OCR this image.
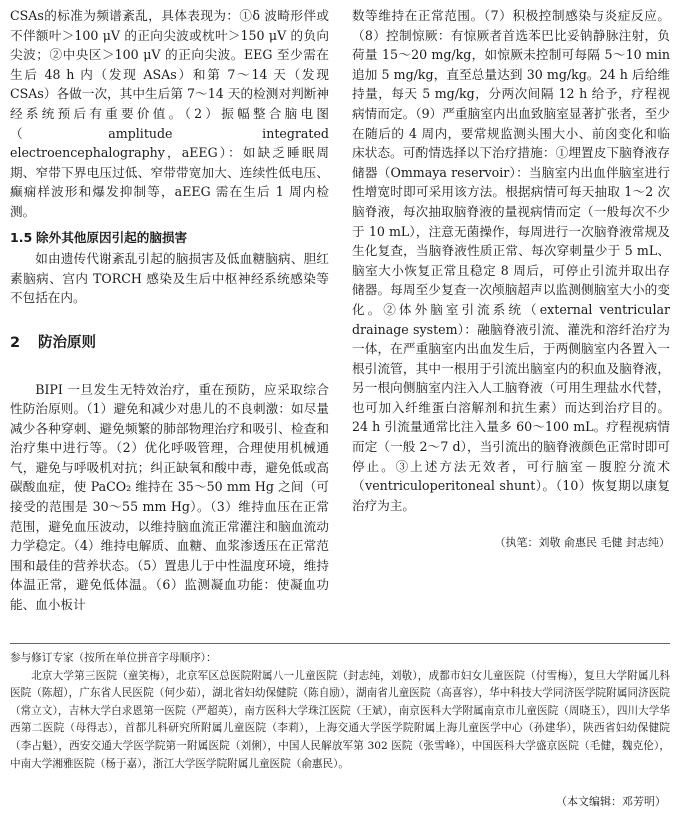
CSAs的标准为频谱紊乱，具体表现为：①δ 波畸形伴或不伴额叶＞100 μV 的正向尖波或枕叶＞150 μV 的负向尖波；②中央区＞100 μV 的正向尖波。EEG 至少需在生后 48 h 内（发现 ASAs）和第 7～14 天（发现 CSAs）各做一次，其中生后第 7～14 天的检测对判断神经系统预后有重要价值。（2）振幅整合脑电图（amplitude integrated electroencephalography，aEEG）：如缺乏睡眠周期、窄带下界电压过低、窄带带宽加大、连续性低电压、癫痫样波形和爆发抑制等，aEEG 需在生后 1 周内检测。

1.5 除外其他原因引起的脑损害

如由遗传代谢紊乱引起的脑损害及低血糖脑病、胆红素脑病、宫内 TORCH 感染及生后中枢神经系统感染等不包括在内。

2 防治原则

BIPI 一旦发生无特效治疗，重在预防，应采取综合性防治原则。（1）避免和减少对患儿的不良刺激：如尽量减少各种穿刺、避免频繁的肺部物理治疗和吸引、检查和治疗集中进行等。（2）优化呼吸管理，合理使用机械通气，避免与呼吸机对抗；纠正缺氧和酸中毒，避免低或高碳酸血症，使 PaCO₂ 维持在 35～50 mm Hg 之间（可接受的范围是 30～55 mm Hg）。（3）维持血压在正常范围，避免血压波动，以维持脑血流正常灌注和脑血流动力学稳定。（4）维持电解质、血糖、血浆渗透压在正常范围和最佳的营养状态。（5）置患儿于中性温度环境，维持体温正常，避免低体温。（6）监测凝血功能：使凝血功能、血小板计

数等维持在正常范围。（7）积极控制感染与炎症反应。（8）控制惊厥：有惊厥者首选苯巴比妥钠静脉注射，负荷量 15～20 mg/kg，如惊厥未控制可每隔 5～10 min 追加 5 mg/kg，直至总量达到 30 mg/kg。24 h 后给维持量，每天 5 mg/kg，分两次间隔 12 h 给予，疗程视病情而定。（9）严重脑室内出血致脑室显著扩张者，至少在随后的 4 周内，要常规监测头围大小、前囟变化和临床状态。可酌情选择以下治疗措施：①埋置皮下脑脊液存储器（Ommaya reservoir）：当脑室内出血伴脑室进行性增宽时即可采用该方法。根据病情可每天抽取 1～2 次脑脊液，每次抽取脑脊液的量视病情而定（一般每次不少于 10 mL），注意无菌操作，每周进行一次脑脊液常规及生化复查，当脑脊液性质正常、每次穿刺量少于 5 mL、脑室大小恢复正常且稳定 8 周后，可停止引流并取出存储器。每周至少复查一次颅脑超声以监测侧脑室大小的变化。②体外脑室引流系统（external ventricular drainage system）：融脑脊液引流、灌洗和溶纤治疗为一体，在严重脑室内出血发生后，于两侧脑室内各置入一根引流管，其中一根用于引流出脑室内的积血及脑脊液，另一根向侧脑室内注入人工脑脊液（可用生理盐水代替，也可加入纤维蛋白溶解剂和抗生素）而达到治疗目的。24 h 引流量通常比注入量多 60～100 mL。疗程视病情而定（一般 2～7 d），当引流出的脑脊液颜色正常时即可停止。③上述方法无效者，可行脑室－腹腔分流术（ventriculoperitoneal shunt）。（10）恢复期以康复治疗为主。

（执笔：刘敬 俞惠民 毛健 封志纯）

参与修订专家（按所在单位拼音字母顺序）：

北京大学第三医院（童笑梅），北京军区总医院附属八一儿童医院（封志纯，刘敬），成都市妇女儿童医院（付雪梅），复旦大学附属儿科医院（陈超），广东省人民医院（何少茹），湖北省妇幼保健院（陈自励），湖南省儿童医院（高喜容），华中科技大学同济医学院附属同济医院（常立文），吉林大学白求恩第一医院（严超英），南方医科大学珠江医院（王斌），南京医科大学附属南京市儿童医院（周晓玉），四川大学华西第二医院（母得志），首都儿科研究所附属儿童医院（李莉），上海交通大学医学院附属上海儿童医学中心（孙建华），陕西省妇幼保健院（李占魁），西安交通大学医学院第一附属医院（刘俐），中国人民解放军第 302 医院（张雪峰），中国医科大学盛京医院（毛健，魏克伦），中南大学湘雅医院（杨于嘉），浙江大学医学院附属儿童医院（俞惠民）。

（本文编辑：邓芳明）
